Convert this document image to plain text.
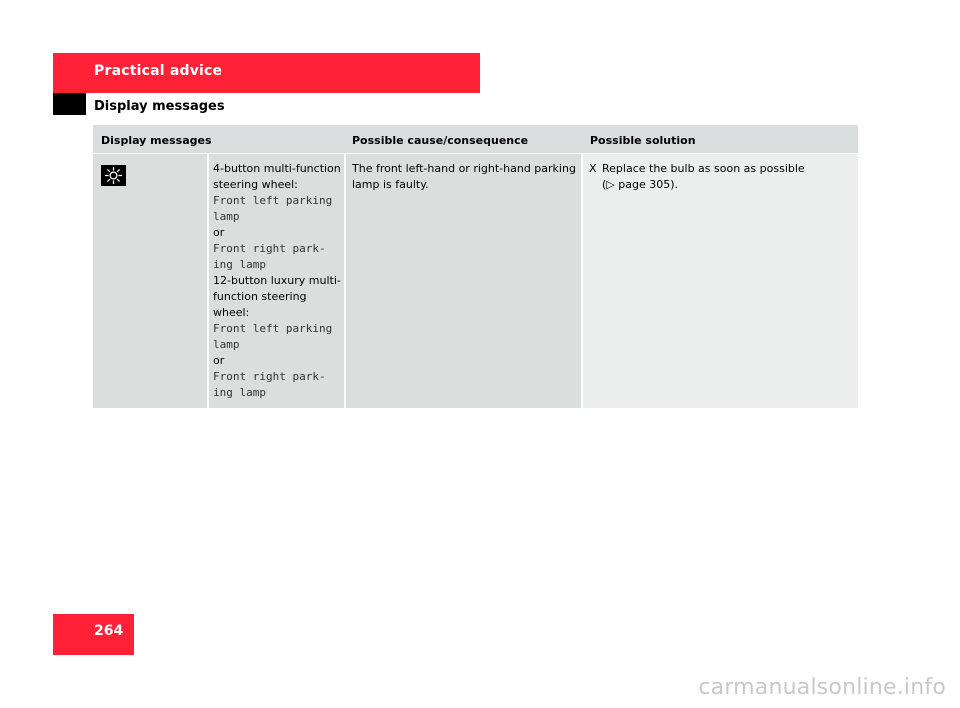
Practical advice
Display messages
Display messages	Possible cause/consequence	Possible solution
4-button multi-function
steering wheel:
Front left parking
lamp
or
Front right park-
ing lamp
12-button luxury multi-
function steering
wheel:
Front left parking
lamp
or
Front right park-
ing lamp
The front left-hand or right-hand parking
lamp is faulty.
X Replace the bulb as soon as possible
(▷ page 305).
264
carmanualsonline.info
